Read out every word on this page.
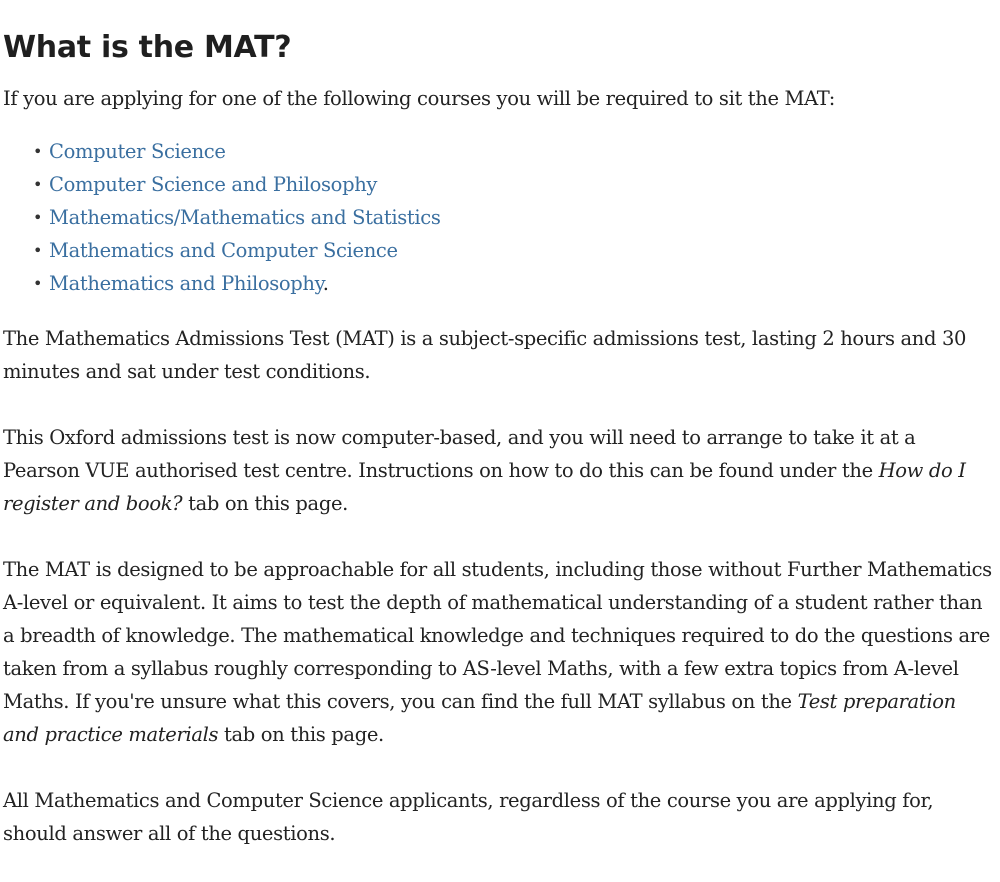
What is the MAT?

If you are applying for one of the following courses you will be required to sit the MAT:

• Computer Science
• Computer Science and Philosophy
• Mathematics/Mathematics and Statistics
• Mathematics and Computer Science
• Mathematics and Philosophy.

The Mathematics Admissions Test (MAT) is a subject-specific admissions test, lasting 2 hours and 30 minutes and sat under test conditions.

This Oxford admissions test is now computer-based, and you will need to arrange to take it at a Pearson VUE authorised test centre. Instructions on how to do this can be found under the How do I register and book? tab on this page.

The MAT is designed to be approachable for all students, including those without Further Mathematics A-level or equivalent. It aims to test the depth of mathematical understanding of a student rather than a breadth of knowledge. The mathematical knowledge and techniques required to do the questions are taken from a syllabus roughly corresponding to AS-level Maths, with a few extra topics from A-level Maths. If you're unsure what this covers, you can find the full MAT syllabus on the Test preparation and practice materials tab on this page.

All Mathematics and Computer Science applicants, regardless of the course you are applying for, should answer all of the questions.
